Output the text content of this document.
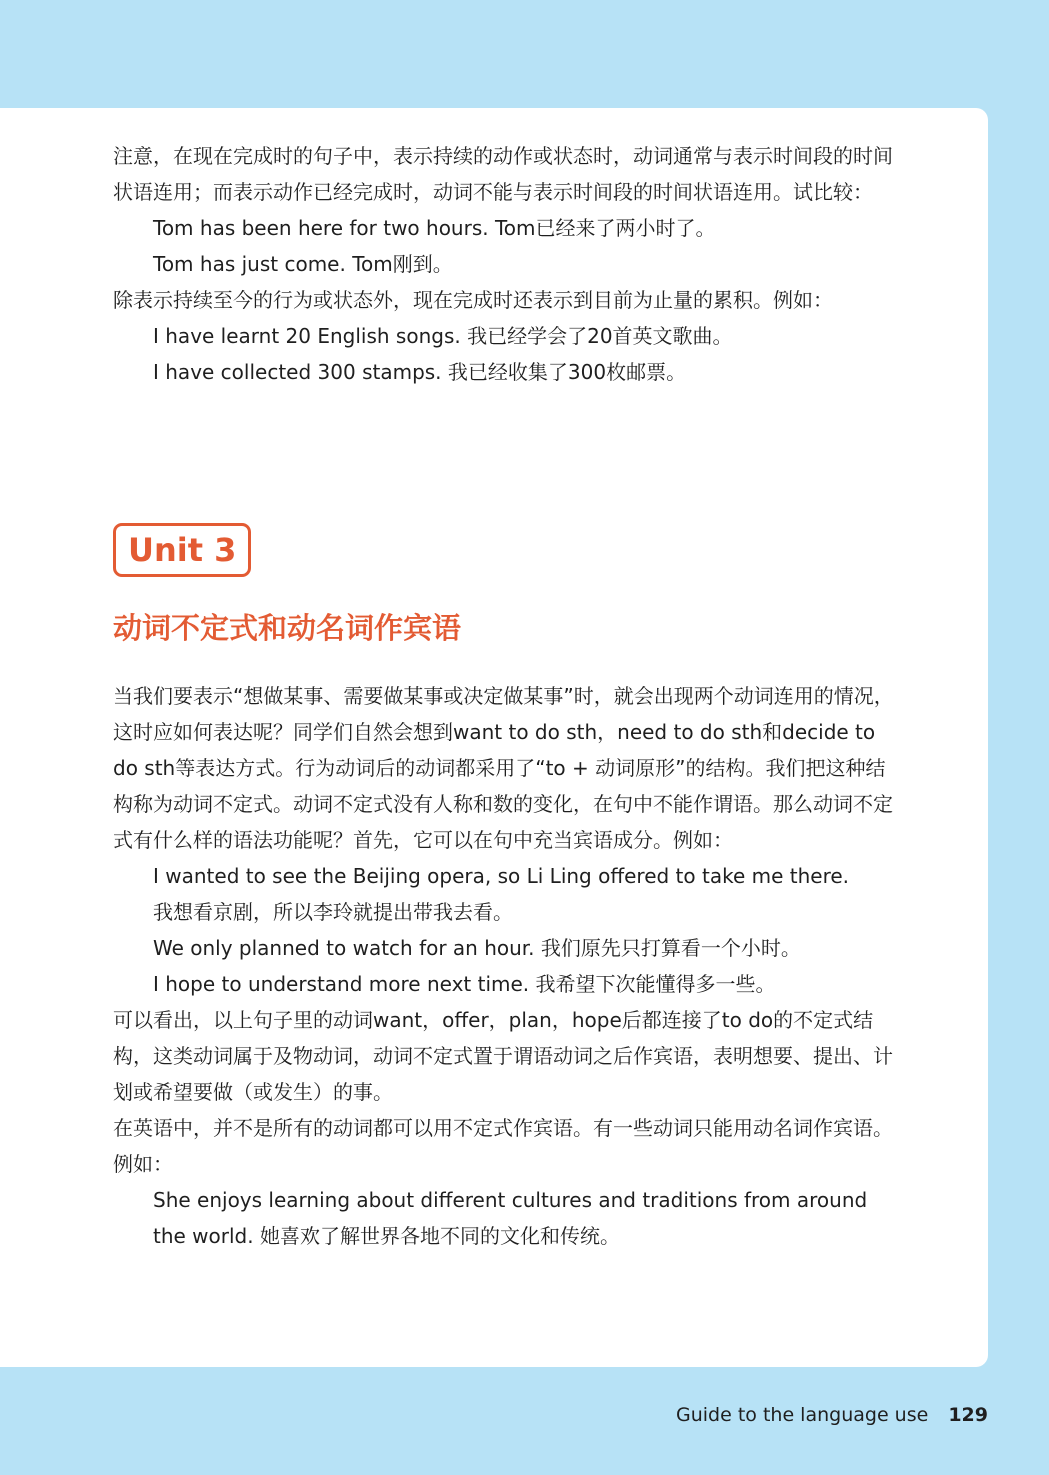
注意，在现在完成时的句子中，表示持续的动作或状态时，动词通常与表示时间段的时间状语连用；而表示动作已经完成时，动词不能与表示时间段的时间状语连用。试比较：

Tom has been here for two hours. Tom已经来了两小时了。

Tom has just come. Tom刚到。

除表示持续至今的行为或状态外，现在完成时还表示到目前为止量的累积。例如：

I have learnt 20 English songs. 我已经学会了20首英文歌曲。

I have collected 300 stamps. 我已经收集了300枚邮票。

Unit 3
动词不定式和动名词作宾语

当我们要表示“想做某事、需要做某事或决定做某事”时，就会出现两个动词连用的情况，这时应如何表达呢？同学们自然会想到want to do sth，need to do sth和decide to do sth等表达方式。行为动词后的动词都采用了“to + 动词原形”的结构。我们把这种结构称为动词不定式。动词不定式没有人称和数的变化，在句中不能作谓语。那么动词不定式有什么样的语法功能呢？首先，它可以在句中充当宾语成分。例如：

I wanted to see the Beijing opera, so Li Ling offered to take me there.

我想看京剧，所以李玲就提出带我去看。

We only planned to watch for an hour. 我们原先只打算看一个小时。

I hope to understand more next time. 我希望下次能懂得多一些。

可以看出，以上句子里的动词want，offer，plan，hope后都连接了to do的不定式结构，这类动词属于及物动词，动词不定式置于谓语动词之后作宾语，表明想要、提出、计划或希望要做（或发生）的事。

在英语中，并不是所有的动词都可以用不定式作宾语。有一些动词只能用动名词作宾语。例如：

She enjoys learning about different cultures and traditions from around the world. 她喜欢了解世界各地不同的文化和传统。

Guide to the language use 129
